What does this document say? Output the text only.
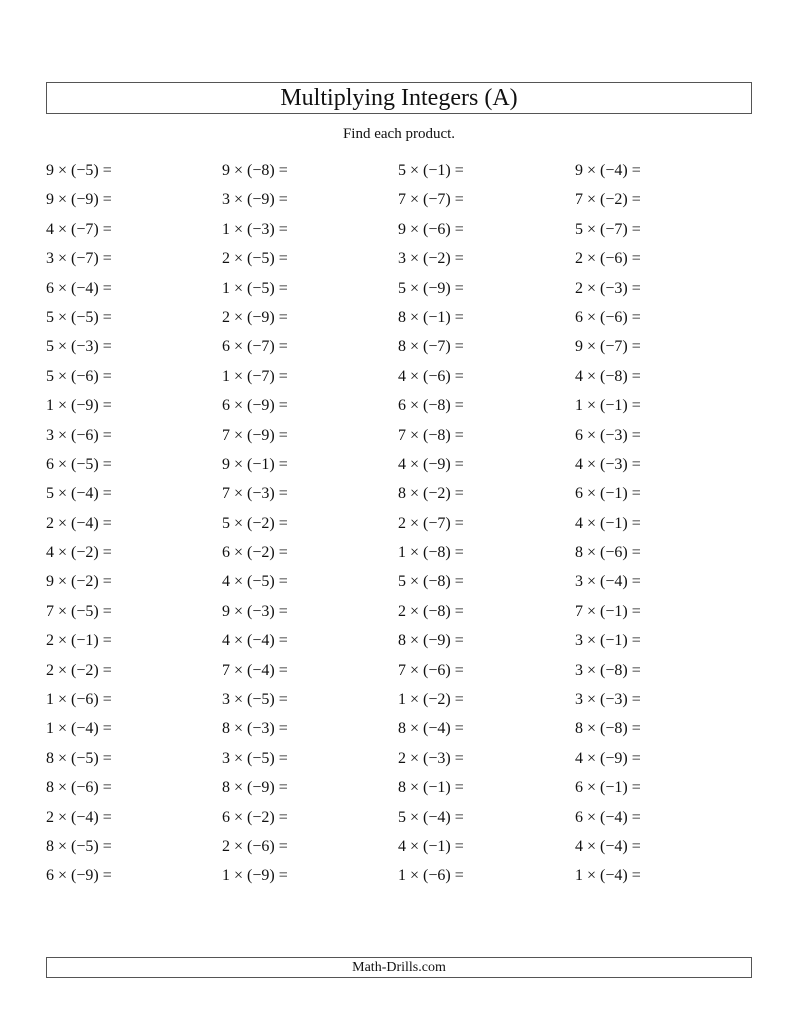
Multiplying Integers (A)
Find each product.
9 × (−5) =	9 × (−8) =	5 × (−1) =	9 × (−4) =
9 × (−9) =	3 × (−9) =	7 × (−7) =	7 × (−2) =
4 × (−7) =	1 × (−3) =	9 × (−6) =	5 × (−7) =
3 × (−7) =	2 × (−5) =	3 × (−2) =	2 × (−6) =
6 × (−4) =	1 × (−5) =	5 × (−9) =	2 × (−3) =
5 × (−5) =	2 × (−9) =	8 × (−1) =	6 × (−6) =
5 × (−3) =	6 × (−7) =	8 × (−7) =	9 × (−7) =
5 × (−6) =	1 × (−7) =	4 × (−6) =	4 × (−8) =
1 × (−9) =	6 × (−9) =	6 × (−8) =	1 × (−1) =
3 × (−6) =	7 × (−9) =	7 × (−8) =	6 × (−3) =
6 × (−5) =	9 × (−1) =	4 × (−9) =	4 × (−3) =
5 × (−4) =	7 × (−3) =	8 × (−2) =	6 × (−1) =
2 × (−4) =	5 × (−2) =	2 × (−7) =	4 × (−1) =
4 × (−2) =	6 × (−2) =	1 × (−8) =	8 × (−6) =
9 × (−2) =	4 × (−5) =	5 × (−8) =	3 × (−4) =
7 × (−5) =	9 × (−3) =	2 × (−8) =	7 × (−1) =
2 × (−1) =	4 × (−4) =	8 × (−9) =	3 × (−1) =
2 × (−2) =	7 × (−4) =	7 × (−6) =	3 × (−8) =
1 × (−6) =	3 × (−5) =	1 × (−2) =	3 × (−3) =
1 × (−4) =	8 × (−3) =	8 × (−4) =	8 × (−8) =
8 × (−5) =	3 × (−5) =	2 × (−3) =	4 × (−9) =
8 × (−6) =	8 × (−9) =	8 × (−1) =	6 × (−1) =
2 × (−4) =	6 × (−2) =	5 × (−4) =	6 × (−4) =
8 × (−5) =	2 × (−6) =	4 × (−1) =	4 × (−4) =
6 × (−9) =	1 × (−9) =	1 × (−6) =	1 × (−4) =
Math-Drills.com
